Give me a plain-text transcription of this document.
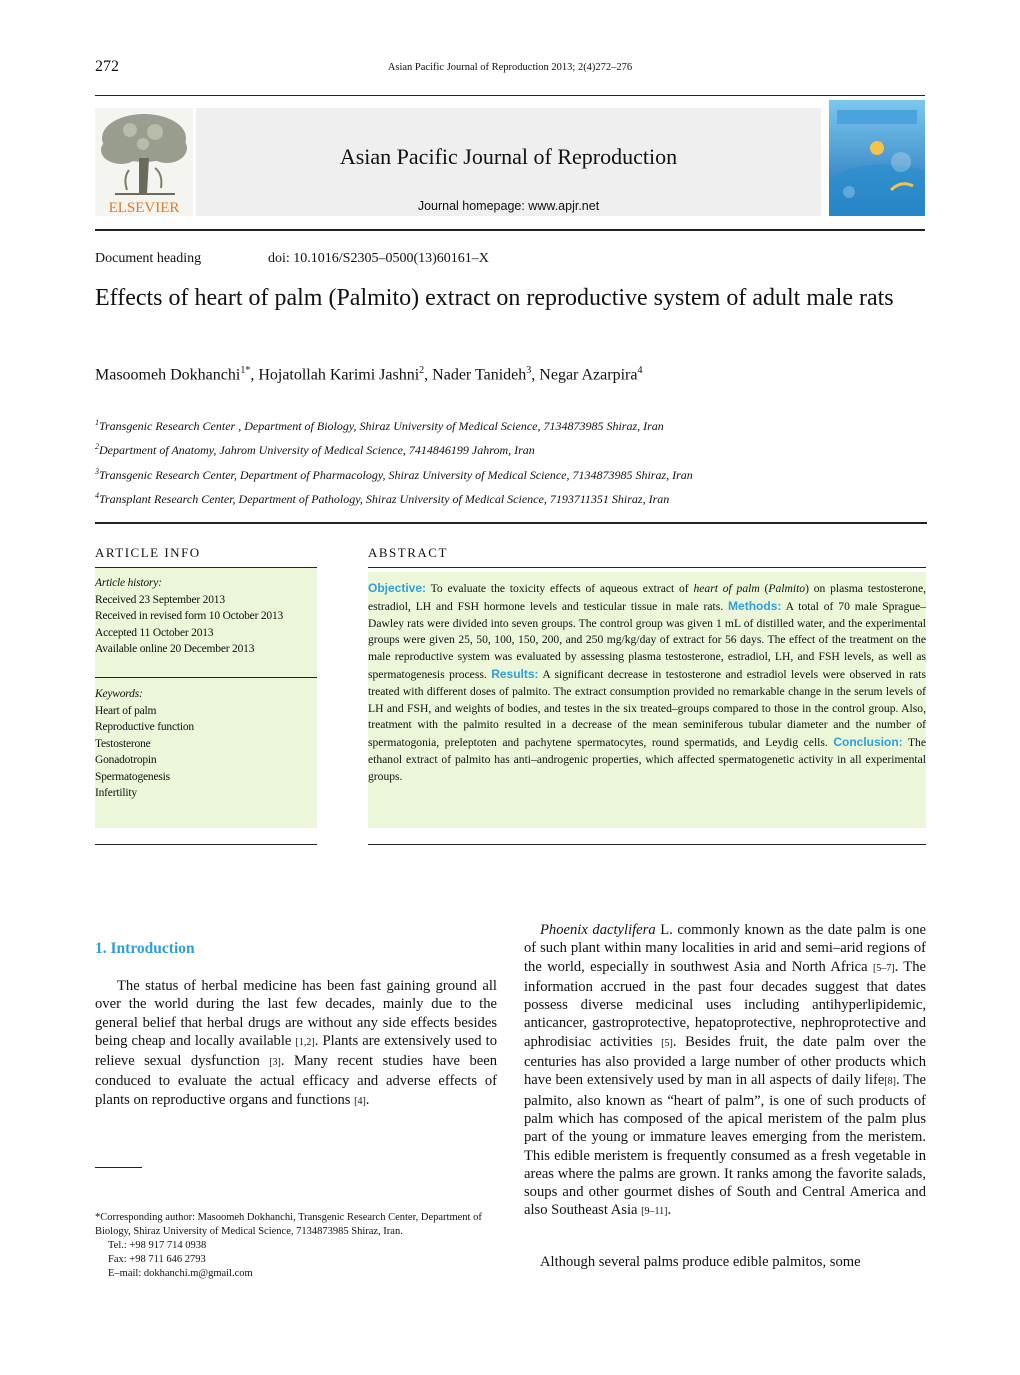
272	Asian Pacific Journal of Reproduction 2013; 2(4)272–276
ELSEVIER
Asian Pacific Journal of Reproduction
Journal homepage: www.apjr.net
Document heading	doi: 10.1016/S2305–0500(13)60161–X
Effects of heart of palm (Palmito) extract on reproductive system of adult male rats
Masoomeh Dokhanchi$^{1*}$, Hojatollah Karimi Jashni$^2$, Nader Tanideh$^3$, Negar Azarpira$^4$
$^1$Transgenic Research Center , Department of Biology, Shiraz University of Medical Science, 7134873985 Shiraz, Iran
$^2$Department of Anatomy, Jahrom University of Medical Science, 7414846199 Jahrom, Iran
$^3$Transgenic Research Center, Department of Pharmacology, Shiraz University of Medical Science, 7134873985 Shiraz, Iran
$^4$Transplant Research Center, Department of Pathology, Shiraz University of Medical Science, 7193711351 Shiraz, Iran
ARTICLE INFO	ABSTRACT
Article history:
Received 23 September 2013
Received in revised form 10 October 2013
Accepted 11 October 2013
Available online 20 December 2013
Keywords:
Heart of palm
Reproductive function
Testosterone
Gonadotropin
Spermatogenesis
Infertility
Objective: To evaluate the toxicity effects of aqueous extract of heart of palm (Palmito) on plasma testosterone, estradiol, LH and FSH hormone levels and testicular tissue in male rats. Methods: A total of 70 male Sprague–Dawley rats were divided into seven groups. The control group was given 1 mL of distilled water, and the experimental groups were given 25, 50, 100, 150, 200, and 250 mg/kg/day of extract for 56 days. The effect of the treatment on the male reproductive system was evaluated by assessing plasma testosterone, estradiol, LH, and FSH levels, as well as spermatogenesis process. Results: A significant decrease in testosterone and estradiol levels were observed in rats treated with different doses of palmito. The extract consumption provided no remarkable change in the serum levels of LH and FSH, and weights of bodies, and testes in the six treated–groups compared to those in the control group. Also, treatment with the palmito resulted in a decrease of the mean seminiferous tubular diameter and the number of spermatogonia, preleptoten and pachytene spermatocytes, round spermatids, and Leydig cells. Conclusion: The ethanol extract of palmito has anti–androgenic properties, which affected spermatogenetic activity in all experimental groups.
1. Introduction
The status of herbal medicine has been fast gaining ground all over the world during the last few decades, mainly due to the general belief that herbal drugs are without any side effects besides being cheap and locally available [1,2]. Plants are extensively used to relieve sexual dysfunction [3]. Many recent studies have been conduced to evaluate the actual efficacy and adverse effects of plants on reproductive organs and functions [4].
*Corresponding author: Masoomeh Dokhanchi, Transgenic Research Center, Department of Biology, Shiraz University of Medical Science, 7134873985 Shiraz, Iran.
Tel.: +98 917 714 0938
Fax: +98 711 646 2793
E–mail: dokhanchi.m@gmail.com
Phoenix dactylifera L. commonly known as the date palm is one of such plant within many localities in arid and semi–arid regions of the world, especially in southwest Asia and North Africa [5–7]. The information accrued in the past four decades suggest that dates possess diverse medicinal uses including antihyperlipidemic, anticancer, gastroprotective, hepatoprotective, nephroprotective and aphrodisiac activities [5]. Besides fruit, the date palm over the centuries has also provided a large number of other products which have been extensively used by man in all aspects of daily life[8]. The palmito, also known as “heart of palm”, is one of such products of palm which has composed of the apical meristem of the palm plus part of the young or immature leaves emerging from the meristem. This edible meristem is frequently consumed as a fresh vegetable in areas where the palms are grown. It ranks among the favorite salads, soups and other gourmet dishes of South and Central America and also Southeast Asia [9–11].
Although several palms produce edible palmitos, some
